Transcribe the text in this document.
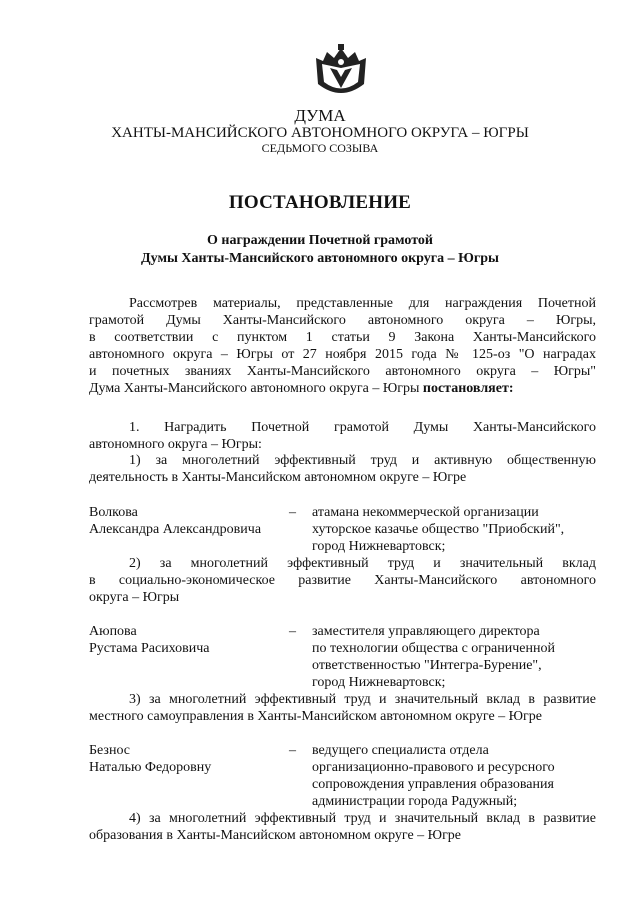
ДУМА
ХАНТЫ-МАНСИЙСКОГО АВТОНОМНОГО ОКРУГА – ЮГРЫ
СЕДЬМОГО СОЗЫВА
ПОСТАНОВЛЕНИЕ
О награждении Почетной грамотой
Думы Ханты-Мансийского автономного округа – Югры

Рассмотрев материалы, представленные для награждения Почетной

грамотой Думы Ханты-Мансийского автономного округа – Югры,

в соответствии с пунктом 1 статьи 9 Закона Ханты-Мансийского

автономного округа – Югры от 27 ноября 2015 года № 125-оз "О наградах

и почетных званиях Ханты-Мансийского автономного округа – Югры"

Дума Ханты-Мансийского автономного округа – Югры постановляет:

1. Наградить Почетной грамотой Думы Ханты-Мансийского

автономного округа – Югры:

1) за многолетний эффективный труд и активную общественную

деятельность в Ханты-Мансийском автономном округе – Югре

Волкова

Александра Александровича

– атамана некоммерческой организации

хуторское казачье общество "Приобский",

город Нижневартовск;

2) за многолетний эффективный труд и значительный вклад

в социально-экономическое развитие Ханты-Мансийского автономного

округа – Югры

Аюпова

Рустама Расиховича

– заместителя управляющего директора

по технологии общества с ограниченной

ответственностью "Интегра-Бурение",

город Нижневартовск;

3) за многолетний эффективный труд и значительный вклад в развитие

местного самоуправления в Ханты-Мансийском автономном округе – Югре

Безнос

Наталью Федоровну

– ведущего специалиста отдела

организационно-правового и ресурсного

сопровождения управления образования

администрации города Радужный;

4) за многолетний эффективный труд и значительный вклад в развитие

образования в Ханты-Мансийском автономном округе – Югре
